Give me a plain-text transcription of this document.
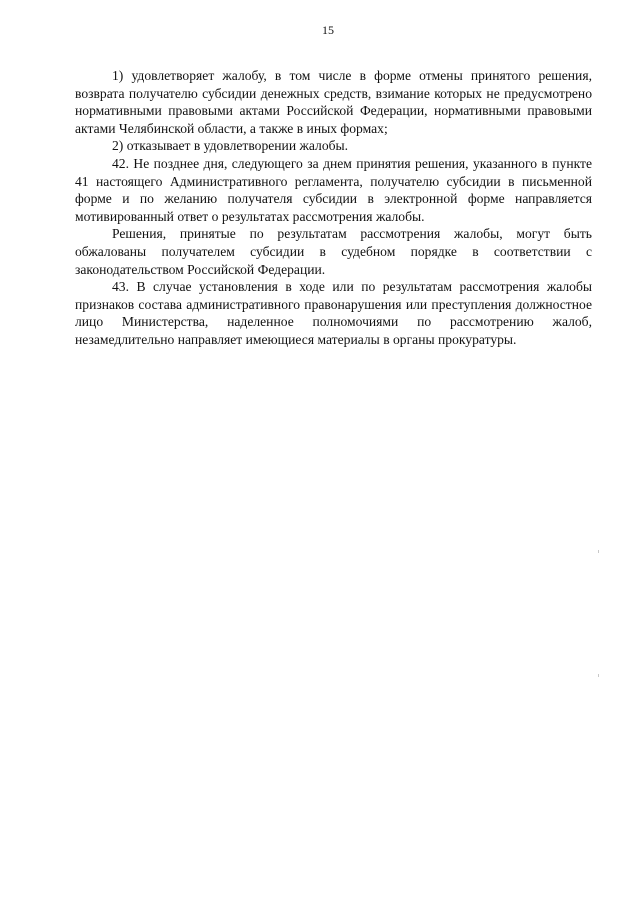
15

1) удовлетворяет жалобу, в том числе в форме отмены принятого решения, возврата получателю субсидии денежных средств, взимание которых не предусмотрено нормативными правовыми актами Российской Федерации, нормативными правовыми актами Челябинской области, а также в иных формах;

2) отказывает в удовлетворении жалобы.

42. Не позднее дня, следующего за днем принятия решения, указанного в пункте 41 настоящего Административного регламента, получателю субсидии в письменной форме и по желанию получателя субсидии в электронной форме направляется мотивированный ответ о результатах рассмотрения жалобы.

Решения, принятые по результатам рассмотрения жалобы, могут быть обжалованы получателем субсидии в судебном порядке в соответствии с законодательством Российской Федерации.

43. В случае установления в ходе или по результатам рассмотрения жалобы признаков состава административного правонарушения или преступления должностное лицо Министерства, наделенное полномочиями по рассмотрению жалоб, незамедлительно направляет имеющиеся материалы в органы прокуратуры.
